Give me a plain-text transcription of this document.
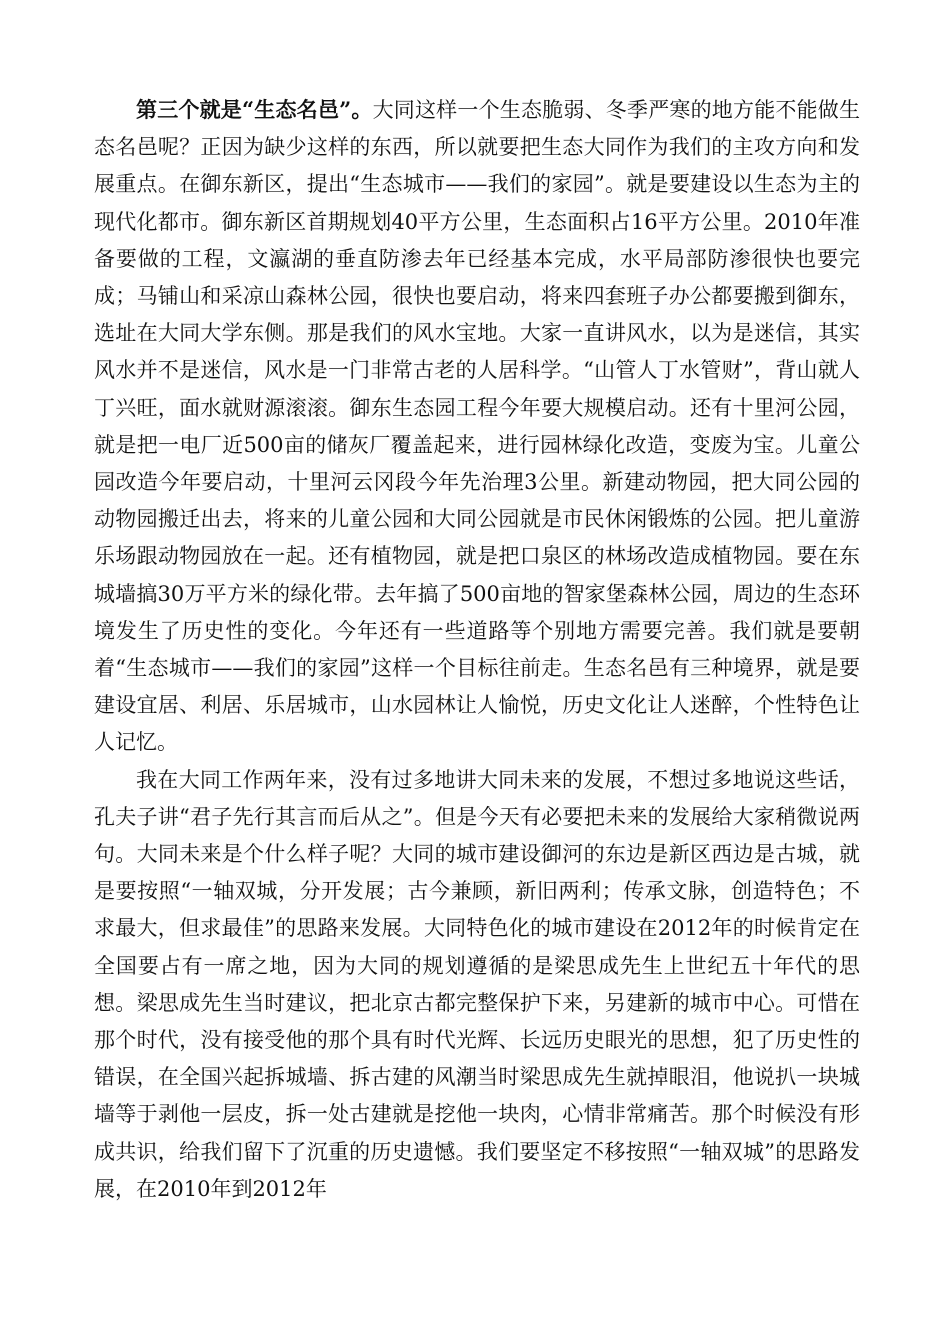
第三个就是“生态名邑”。大同这样一个生态脆弱、冬季严寒的地方能不能做生态名邑呢？正因为缺少这样的东西，所以就要把生态大同作为我们的主攻方向和发展重点。在御东新区，提出“生态城市——我们的家园”。就是要建设以生态为主的现代化都市。御东新区首期规划40平方公里，生态面积占16平方公里。2010年准备要做的工程，文瀛湖的垂直防渗去年已经基本完成，水平局部防渗很快也要完成；马铺山和采凉山森林公园，很快也要启动，将来四套班子办公都要搬到御东，选址在大同大学东侧。那是我们的风水宝地。大家一直讲风水，以为是迷信，其实风水并不是迷信，风水是一门非常古老的人居科学。“山管人丁水管财”，背山就人丁兴旺，面水就财源滚滚。御东生态园工程今年要大规模启动。还有十里河公园，就是把一电厂近500亩的储灰厂覆盖起来，进行园林绿化改造，变废为宝。儿童公园改造今年要启动，十里河云冈段今年先治理3公里。新建动物园，把大同公园的动物园搬迁出去，将来的儿童公园和大同公园就是市民休闲锻炼的公园。把儿童游乐场跟动物园放在一起。还有植物园，就是把口泉区的林场改造成植物园。要在东城墙搞30万平方米的绿化带。去年搞了500亩地的智家堡森林公园，周边的生态环境发生了历史性的变化。今年还有一些道路等个别地方需要完善。我们就是要朝着“生态城市——我们的家园”这样一个目标往前走。生态名邑有三种境界，就是要建设宜居、利居、乐居城市，山水园林让人愉悦，历史文化让人迷醉，个性特色让人记忆。

我在大同工作两年来，没有过多地讲大同未来的发展，不想过多地说这些话，孔夫子讲“君子先行其言而后从之”。但是今天有必要把未来的发展给大家稍微说两句。大同未来是个什么样子呢？大同的城市建设御河的东边是新区西边是古城，就是要按照“一轴双城，分开发展；古今兼顾，新旧两利；传承文脉，创造特色；不求最大，但求最佳”的思路来发展。大同特色化的城市建设在2012年的时候肯定在全国要占有一席之地，因为大同的规划遵循的是梁思成先生上世纪五十年代的思想。梁思成先生当时建议，把北京古都完整保护下来，另建新的城市中心。可惜在那个时代，没有接受他的那个具有时代光辉、长远历史眼光的思想，犯了历史性的错误，在全国兴起拆城墙、拆古建的风潮当时梁思成先生就掉眼泪，他说扒一块城墙等于剥他一层皮，拆一处古建就是挖他一块肉，心情非常痛苦。那个时候没有形成共识，给我们留下了沉重的历史遗憾。我们要坚定不移按照“一轴双城”的思路发展，在2010年到2012年
